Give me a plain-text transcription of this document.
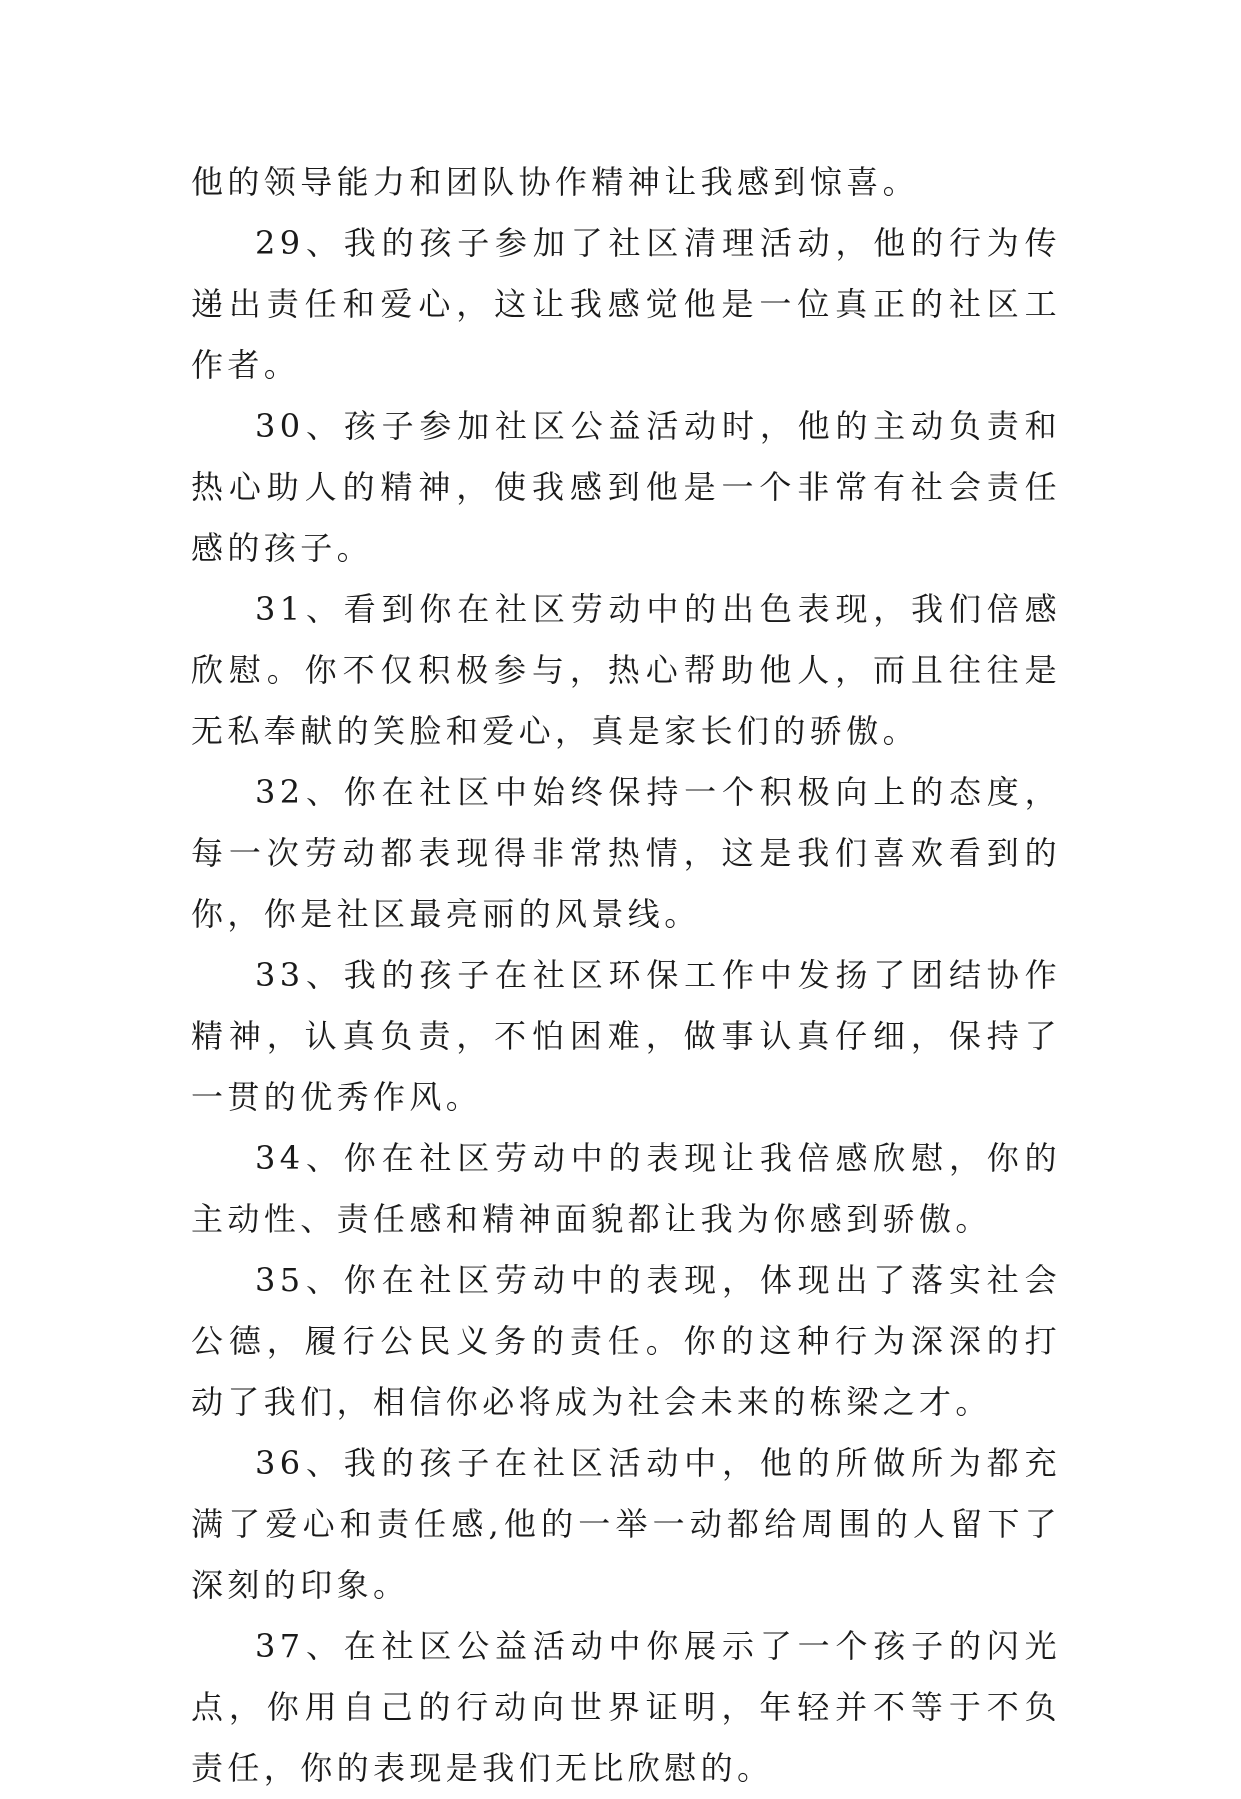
他的领导能力和团队协作精神让我感到惊喜。

29、我的孩子参加了社区清理活动，他的行为传递出责任和爱心，这让我感觉他是一位真正的社区工作者。

30、孩子参加社区公益活动时，他的主动负责和热心助人的精神，使我感到他是一个非常有社会责任感的孩子。

31、看到你在社区劳动中的出色表现，我们倍感欣慰。你不仅积极参与，热心帮助他人，而且往往是无私奉献的笑脸和爱心，真是家长们的骄傲。

32、你在社区中始终保持一个积极向上的态度，每一次劳动都表现得非常热情，这是我们喜欢看到的你，你是社区最亮丽的风景线。

33、我的孩子在社区环保工作中发扬了团结协作精神，认真负责，不怕困难，做事认真仔细，保持了一贯的优秀作风。

34、你在社区劳动中的表现让我倍感欣慰，你的主动性、责任感和精神面貌都让我为你感到骄傲。

35、你在社区劳动中的表现，体现出了落实社会公德，履行公民义务的责任。你的这种行为深深的打动了我们，相信你必将成为社会未来的栋梁之才。

36、我的孩子在社区活动中，他的所做所为都充满了爱心和责任感,他的一举一动都给周围的人留下了深刻的印象。

37、在社区公益活动中你展示了一个孩子的闪光点，你用自己的行动向世界证明，年轻并不等于不负责任，你的表现是我们无比欣慰的。
